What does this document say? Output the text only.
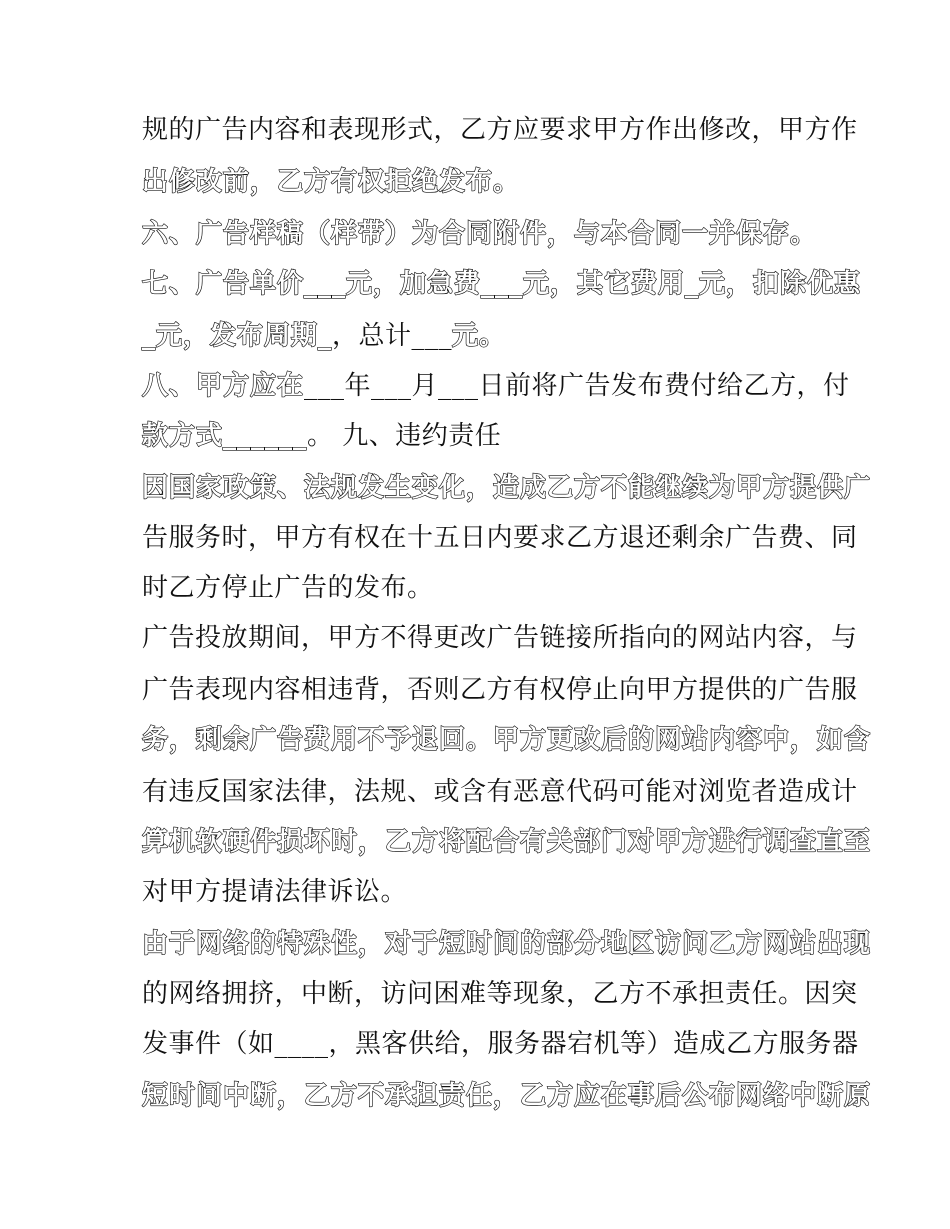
规的广告内容和表现形式，乙方应要求甲方作出修改，甲方作
出修改前，乙方有权拒绝发布。
六、广告样稿（样带）为合同附件，与本合同一并保存。
七、广告单价___元，加急费___元，其它费用_元，扣除优惠
_元，发布周期_，总计___元。
八、甲方应在___年___月___日前将广告发布费付给乙方，付
款方式______。 九、违约责任
因国家政策、法规发生变化，造成乙方不能继续为甲方提供广
告服务时，甲方有权在十五日内要求乙方退还剩余广告费、同
时乙方停止广告的发布。
广告投放期间，甲方不得更改广告链接所指向的网站内容，与
广告表现内容相违背，否则乙方有权停止向甲方提供的广告服
务，剩余广告费用不予退回。甲方更改后的网站内容中，如含
有违反国家法律，法规、或含有恶意代码可能对浏览者造成计
算机软硬件损坏时，乙方将配合有关部门对甲方进行调查直至
对甲方提请法律诉讼。
由于网络的特殊性，对于短时间的部分地区访问乙方网站出现
的网络拥挤，中断，访问困难等现象，乙方不承担责任。因突
发事件（如____，黑客供给，服务器宕机等）造成乙方服务器
短时间中断，乙方不承担责任，乙方应在事后公布网络中断原
